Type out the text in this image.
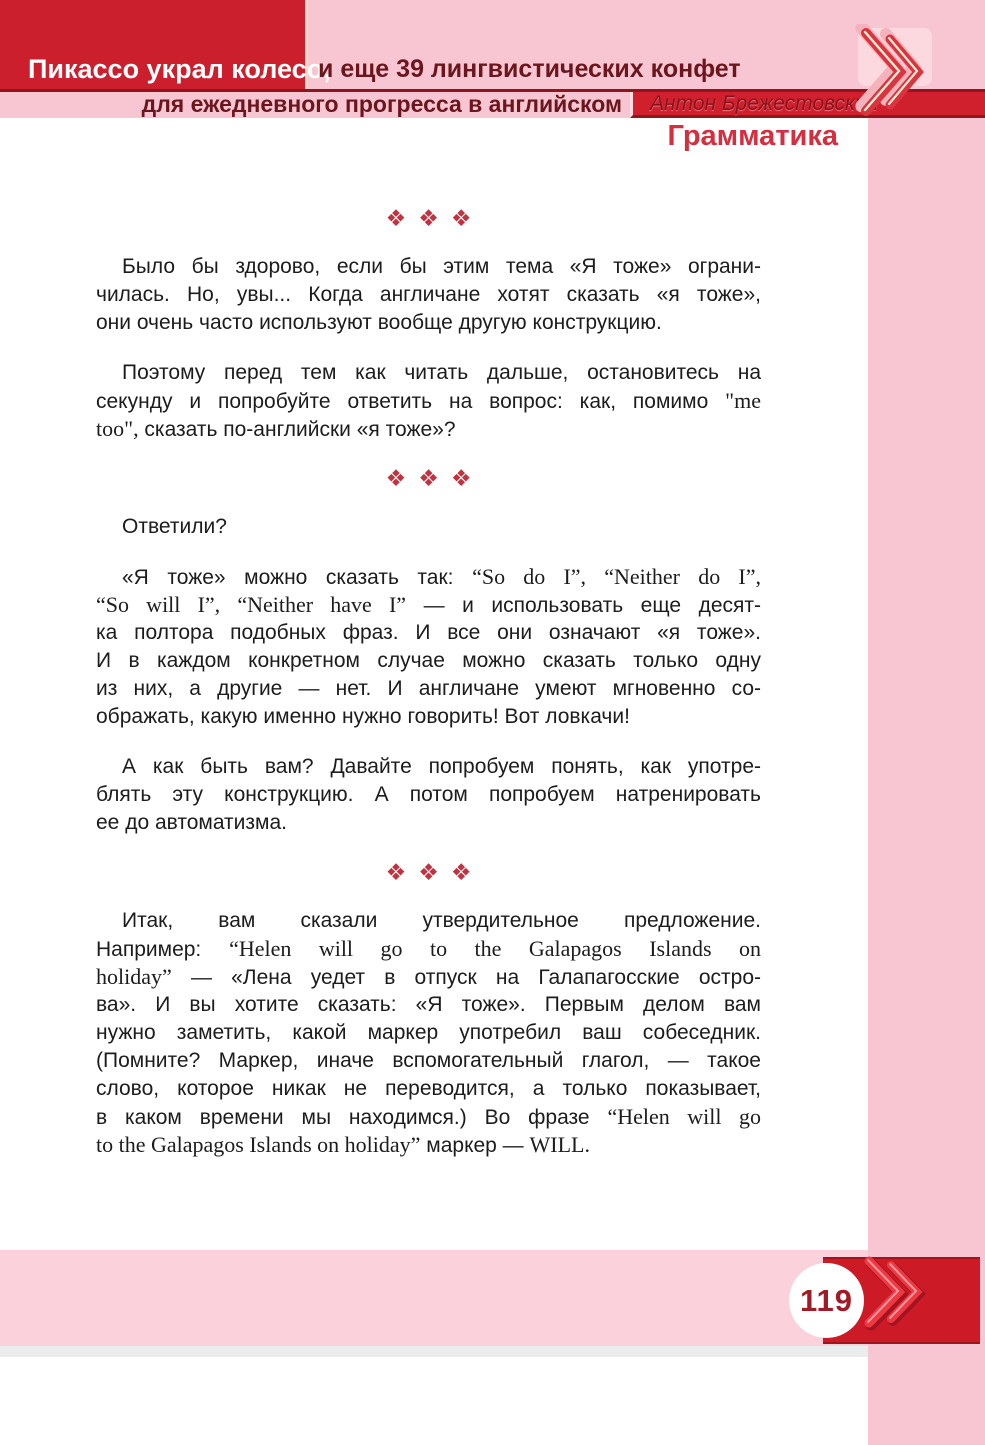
Пикассо украл колесо,
и еще 39 лингвистических конфет
для ежедневного прогресса в английском	Антон Брежестовский
Грамматика
❖ ❖ ❖
Было бы здорово, если бы этим тема «Я тоже» ограни-
чилась. Но, увы... Когда англичане хотят сказать «я тоже»,
они очень часто используют вообще другую конструкцию.
Поэтому перед тем как читать дальше, остановитесь на
секунду и попробуйте ответить на вопрос: как, помимо "me
too", сказать по-английски «я тоже»?
❖ ❖ ❖
Ответили?
«Я тоже» можно сказать так: “So do I”, “Neither do I”,
“So will I”, “Neither have I” — и использовать еще десят-
ка полтора подобных фраз. И все они означают «я тоже».
И в каждом конкретном случае можно сказать только одну
из них, а другие — нет. И англичане умеют мгновенно со-
ображать, какую именно нужно говорить! Вот ловкачи!
А как быть вам? Давайте попробуем понять, как употре-
блять эту конструкцию. А потом попробуем натренировать
ее до автоматизма.
❖ ❖ ❖
Итак, вам сказали утвердительное предложение.
Например: “Helen will go to the Galapagos Islands on
holiday” — «Лена уедет в отпуск на Галапагосские остро-
ва». И вы хотите сказать: «Я тоже». Первым делом вам
нужно заметить, какой маркер употребил ваш собеседник.
(Помните? Маркер, иначе вспомогательный глагол, — такое
слово, которое никак не переводится, а только показывает,
в каком времени мы находимся.) Во фразе “Helen will go
to the Galapagos Islands on holiday” маркер — WILL.
119
